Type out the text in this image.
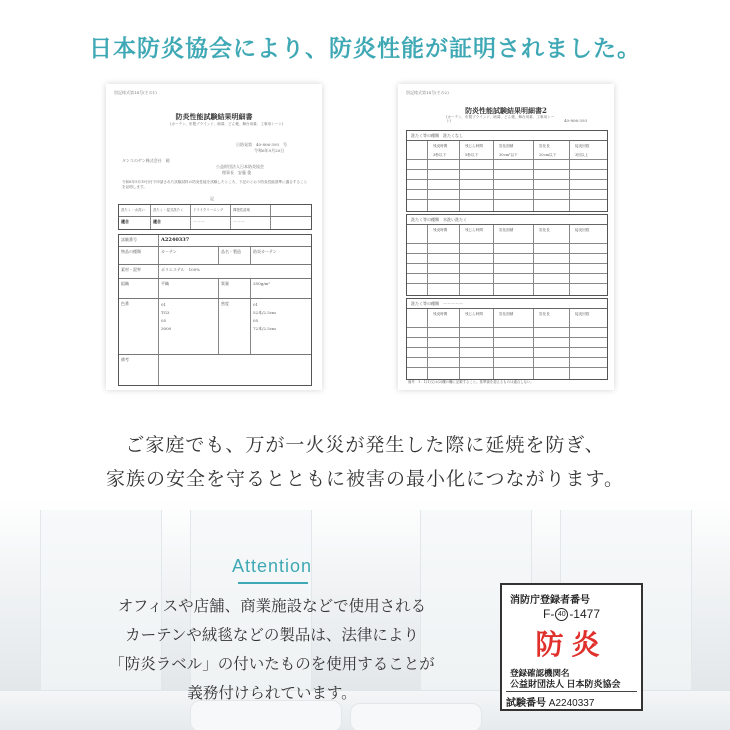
日本防炎協会により、防炎性能が証明されました。
別記様式第14号(その1)
防炎性能試験結果明細書
(カーテン、布製ブラインド、暗幕、どん帳、舞台用幕、工事用シート)
日防発第　40-806-393　号
令和6年9月20日
タンスのゲン株式会社　殿
公益財団法人日本防炎協会
理事長　安藤 俊
令和6年9月19日付で申請された試験試料の防炎性能を試験したところ、下記のとおり防炎性能基準に適合することを証明します。
記
洗たく・水洗い	洗たく・湿式洗たく	ドライクリーニング	揮発性溶剤
適合	適合	－－－	－－－
試験番号	A2240337
物品の種類	カーテン	品名・製造	防炎カーテン
素材・混率	ポリエステル　100%
組織	平織	質量	350g/m²
色番	01
TG3
05
3000
密度	01
52本/2.5cm
05
72本/2.5cm
備考
別記様式第14号(その2)
防炎性能試験結果明細書2
(カーテン、布製ブラインド、暗幕、どん帳、舞台用幕、工事用シート)	40-806-393
洗たく等の種類　洗たくなし
残炎時間	残じん時間	炭化面積	炭化長	接炎回数
3秒以下	5秒以下	30cm²以下	20cm以下	3回以上
洗たく等の種類　水洗い洗たく
残炎時間	残じん時間	炭化面積	炭化長	接炎回数
洗たく等の種類　－－－－－
残炎時間	残じん時間	炭化面積	炭化長	接炎回数
備考　1：1(1)又は(2)欄の欄に記載すること。基準値を超えるものは適合しない。
ご家庭でも、万が一火災が発生した際に延焼を防ぎ、
家族の安全を守るとともに被害の最小化につながります。
Attention
オフィスや店舗、商業施設などで使用される
カーテンや絨毯などの製品は、法律により
「防炎ラベル」の付いたものを使用することが
義務付けられています。
消防庁登録者番号
F- 40 -1477
防炎
登録確認機関名
公益財団法人 日本防炎協会
試験番号 A2240337
